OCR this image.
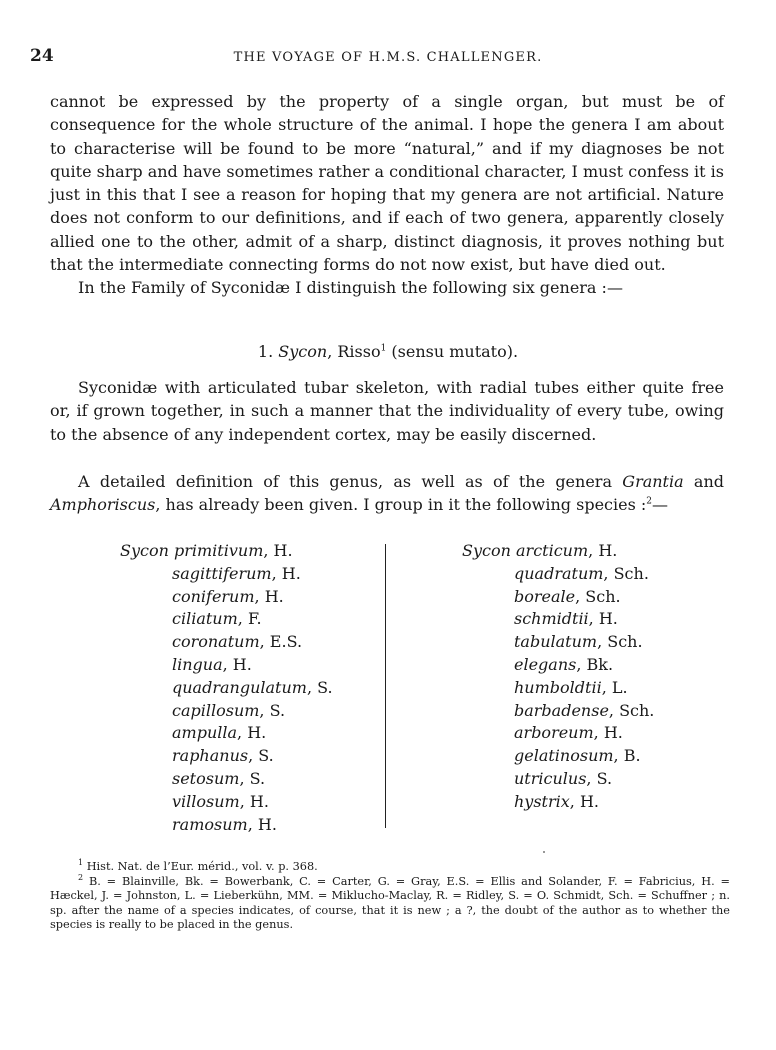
24	THE VOYAGE OF H.M.S. CHALLENGER.

cannot be expressed by the property of a single organ, but must be of consequence for the whole structure of the animal. I hope the genera I am about to characterise will be found to be more “natural,” and if my diagnoses be not quite sharp and have sometimes rather a conditional character, I must confess it is just in this that I see a reason for hoping that my genera are not artificial. Nature does not conform to our definitions, and if each of two genera, apparently closely allied one to the other, admit of a sharp, distinct diagnosis, it proves nothing but that the intermediate connecting forms do not now exist, but have died out.

In the Family of Syconidæ I distinguish the following six genera :—

1. Sycon, Risso$^1$ (sensu mutato).

Syconidæ with articulated tubar skeleton, with radial tubes either quite free or, if grown together, in such a manner that the individuality of every tube, owing to the absence of any independent cortex, may be easily discerned.

A detailed definition of this genus, as well as of the genera Grantia and Amphoriscus, has already been given. I group in it the following species :$^2$—

Sycon primitivum, H.
sagittiferum, H.
coniferum, H.
ciliatum, F.
coronatum, E.S.
lingua, H.
quadrangulatum, S.
capillosum, S.
ampulla, H.
raphanus, S.
setosum, S.
villosum, H.
ramosum, H.
Sycon arcticum, H.
quadratum, Sch.
boreale, Sch.
schmidtii, H.
tabulatum, Sch.
elegans, Bk.
humboldtii, L.
barbadense, Sch.
arboreum, H.
gelatinosum, B.
utriculus, S.
hystrix, H.

$^1$ Hist. Nat. de l’Eur. mérid., vol. v. p. 368.

$^2$ B. = Blainville, Bk. = Bowerbank, C. = Carter, G. = Gray, E.S. = Ellis and Solander, F. = Fabricius, H. = Hæckel, J. = Johnston, L. = Lieberkühn, MM. = Miklucho-Maclay, R. = Ridley, S. = O. Schmidt, Sch. = Schuffner ; n. sp. after the name of a species indicates, of course, that it is new ; a ?, the doubt of the author as to whether the species is really to be placed in the genus.
